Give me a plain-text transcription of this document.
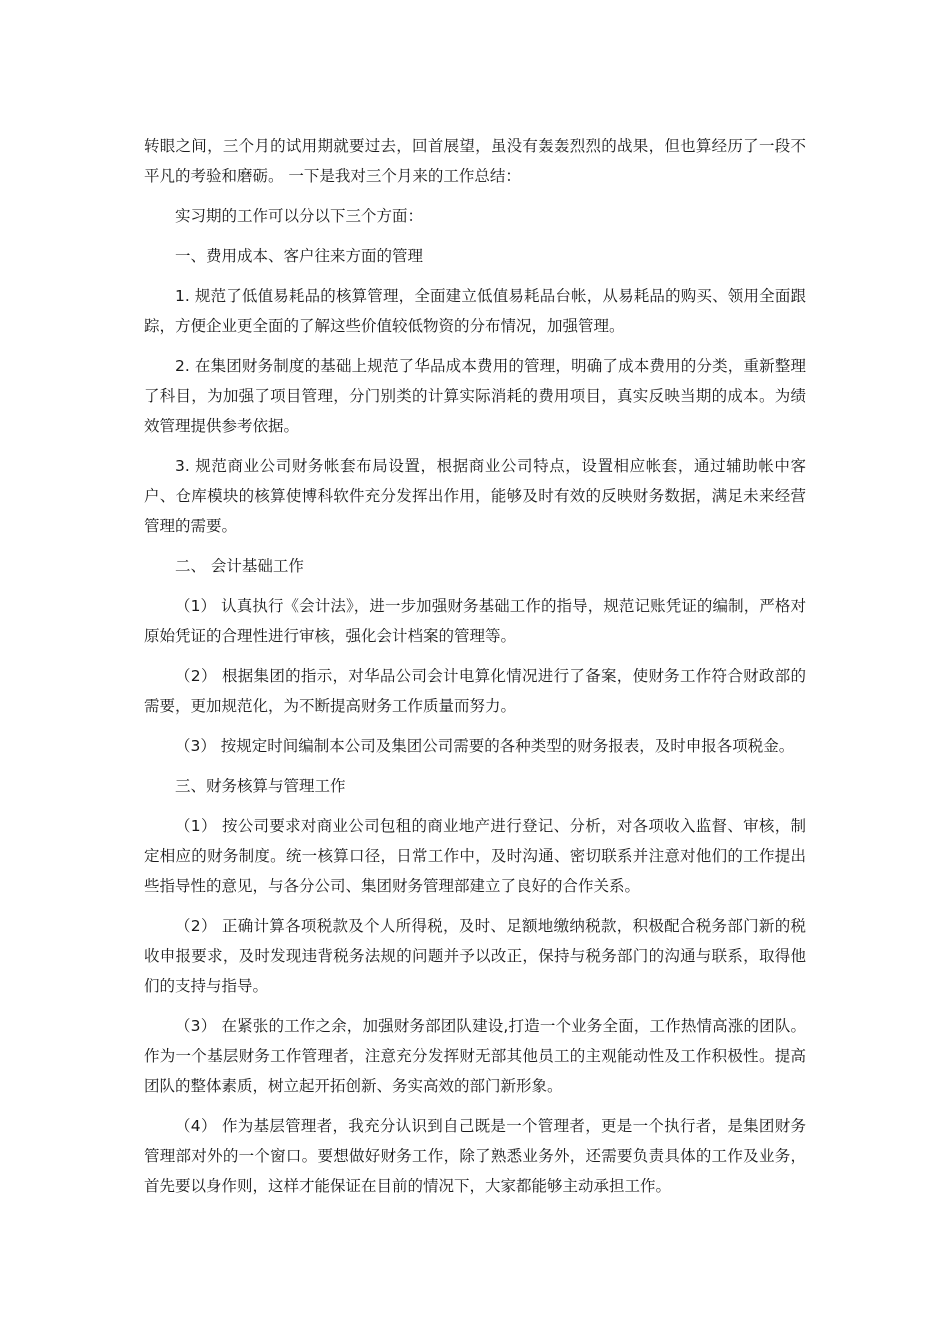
转眼之间，三个月的试用期就要过去，回首展望，虽没有轰轰烈烈的战果，但也算经历了一段不平凡的考验和磨砺。 一下是我对三个月来的工作总结：

实习期的工作可以分以下三个方面：

一、费用成本、客户往来方面的管理

1. 规范了低值易耗品的核算管理，全面建立低值易耗品台帐，从易耗品的购买、领用全面跟踪，方便企业更全面的了解这些价值较低物资的分布情况，加强管理。

2. 在集团财务制度的基础上规范了华品成本费用的管理，明确了成本费用的分类，重新整理了科目，为加强了项目管理，分门别类的计算实际消耗的费用项目，真实反映当期的成本。为绩效管理提供参考依据。

3. 规范商业公司财务帐套布局设置，根据商业公司特点，设置相应帐套，通过辅助帐中客户、仓库模块的核算使博科软件充分发挥出作用，能够及时有效的反映财务数据，满足未来经营管理的需要。

二、 会计基础工作

（1） 认真执行《会计法》，进一步加强财务基础工作的指导，规范记账凭证的编制，严格对原始凭证的合理性进行审核，强化会计档案的管理等。

（2） 根据集团的指示，对华品公司会计电算化情况进行了备案，使财务工作符合财政部的需要，更加规范化，为不断提高财务工作质量而努力。

（3） 按规定时间编制本公司及集团公司需要的各种类型的财务报表，及时申报各项税金。

三、财务核算与管理工作

（1） 按公司要求对商业公司包租的商业地产进行登记、分析，对各项收入监督、审核，制定相应的财务制度。统一核算口径，日常工作中，及时沟通、密切联系并注意对他们的工作提出些指导性的意见，与各分公司、集团财务管理部建立了良好的合作关系。

（2） 正确计算各项税款及个人所得税，及时、足额地缴纳税款，积极配合税务部门新的税收申报要求，及时发现违背税务法规的问题并予以改正，保持与税务部门的沟通与联系，取得他们的支持与指导。

（3） 在紧张的工作之余，加强财务部团队建设,打造一个业务全面，工作热情高涨的团队。作为一个基层财务工作管理者，注意充分发挥财无部其他员工的主观能动性及工作积极性。提高团队的整体素质，树立起开拓创新、务实高效的部门新形象。

（4） 作为基层管理者，我充分认识到自己既是一个管理者，更是一个执行者，是集团财务管理部对外的一个窗口。要想做好财务工作，除了熟悉业务外，还需要负责具体的工作及业务，首先要以身作则，这样才能保证在目前的情况下，大家都能够主动承担工作。
